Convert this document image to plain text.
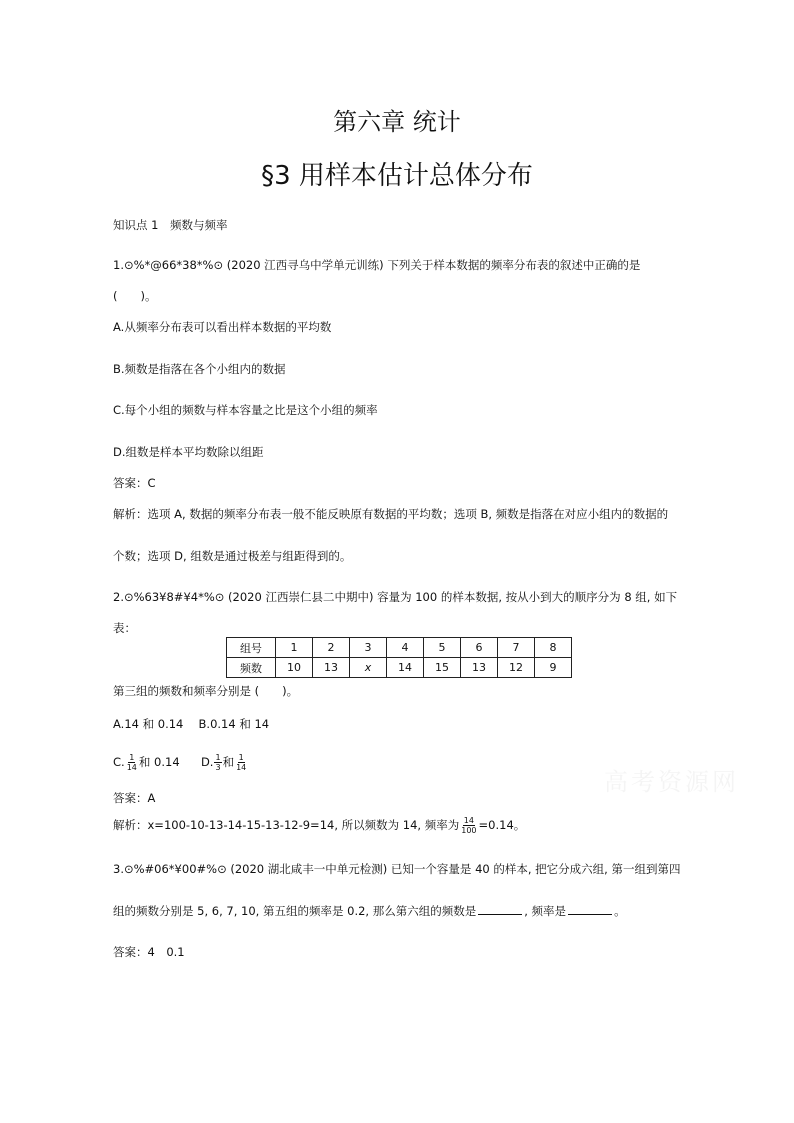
第六章 统计
§3 用样本估计总体分布
知识点 1　频数与频率
1.⊙%*@66*38*%⊙ (2020 江西寻乌中学单元训练) 下列关于样本数据的频率分布表的叙述中正确的是
(　　)。
A.从频率分布表可以看出样本数据的平均数
B.频数是指落在各个小组内的数据
C.每个小组的频数与样本容量之比是这个小组的频率
D.组数是样本平均数除以组距
答案：C
解析：选项 A, 数据的频率分布表一般不能反映原有数据的平均数；选项 B, 频数是指落在对应小组内的数据的
个数；选项 D, 组数是通过极差与组距得到的。
2.⊙%63¥8#¥4*%⊙ (2020 江西崇仁县二中期中) 容量为 100 的样本数据, 按从小到大的顺序分为 8 组, 如下
表：
组号	1	2	3	4	5	6	7	8
频数	10	13	x	14	15	13	12	9
第三组的频数和频率分别是 (　　)。
A.14 和 0.14　 B.0.14 和 14
C. $\frac{1}{14}$ 和 0.14 D. $\frac{1}{3}$ 和 $\frac{1}{14}$
答案：A
解析：x=100-10-13-14-15-13-12-9=14, 所以频数为 14, 频率为 $\frac{14}{100} =0.14$。
3.⊙%#06*¥00#%⊙ (2020 湖北咸丰一中单元检测) 已知一个容量是 40 的样本, 把它分成六组, 第一组到第四
组的频数分别是 5, 6, 7, 10, 第五组的频率是 0.2, 那么第六组的频数是	, 频率是	。
答案：4　0.1
高考资源网
